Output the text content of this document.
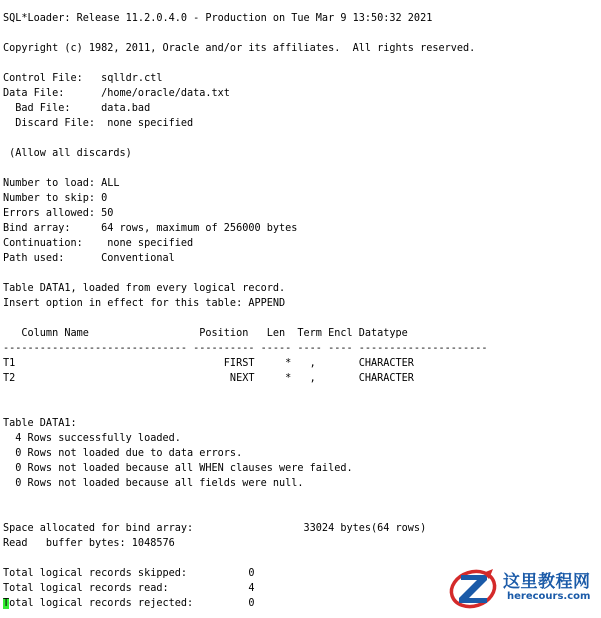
SQL*Loader: Release 11.2.0.4.0 - Production on Tue Mar 9 13:50:32 2021
Copyright (c) 1982, 2011, Oracle and/or its affiliates.  All rights reserved.
Control File:   sqlldr.ctl
Data File:      /home/oracle/data.txt
Bad File:     data.bad
Discard File:  none specified
(Allow all discards)
Number to load: ALL
Number to skip: 0
Errors allowed: 50
Bind array:     64 rows, maximum of 256000 bytes
Continuation:    none specified
Path used:      Conventional
Table DATA1, loaded from every logical record.
Insert option in effect for this table: APPEND
Column Name                  Position   Len  Term Encl Datatype
------------------------------ ---------- ----- ---- ---- ---------------------
T1                                  FIRST     *   ,       CHARACTER
T2                                   NEXT     *   ,       CHARACTER
Table DATA1:
4 Rows successfully loaded.
0 Rows not loaded due to data errors.
0 Rows not loaded because all WHEN clauses were failed.
0 Rows not loaded because all fields were null.
Space allocated for bind array:                  33024 bytes(64 rows)
Read   buffer bytes: 1048576
Total logical records skipped:          0
Total logical records read:             4
Total logical records rejected:         0
这里教程网
herecours.com
